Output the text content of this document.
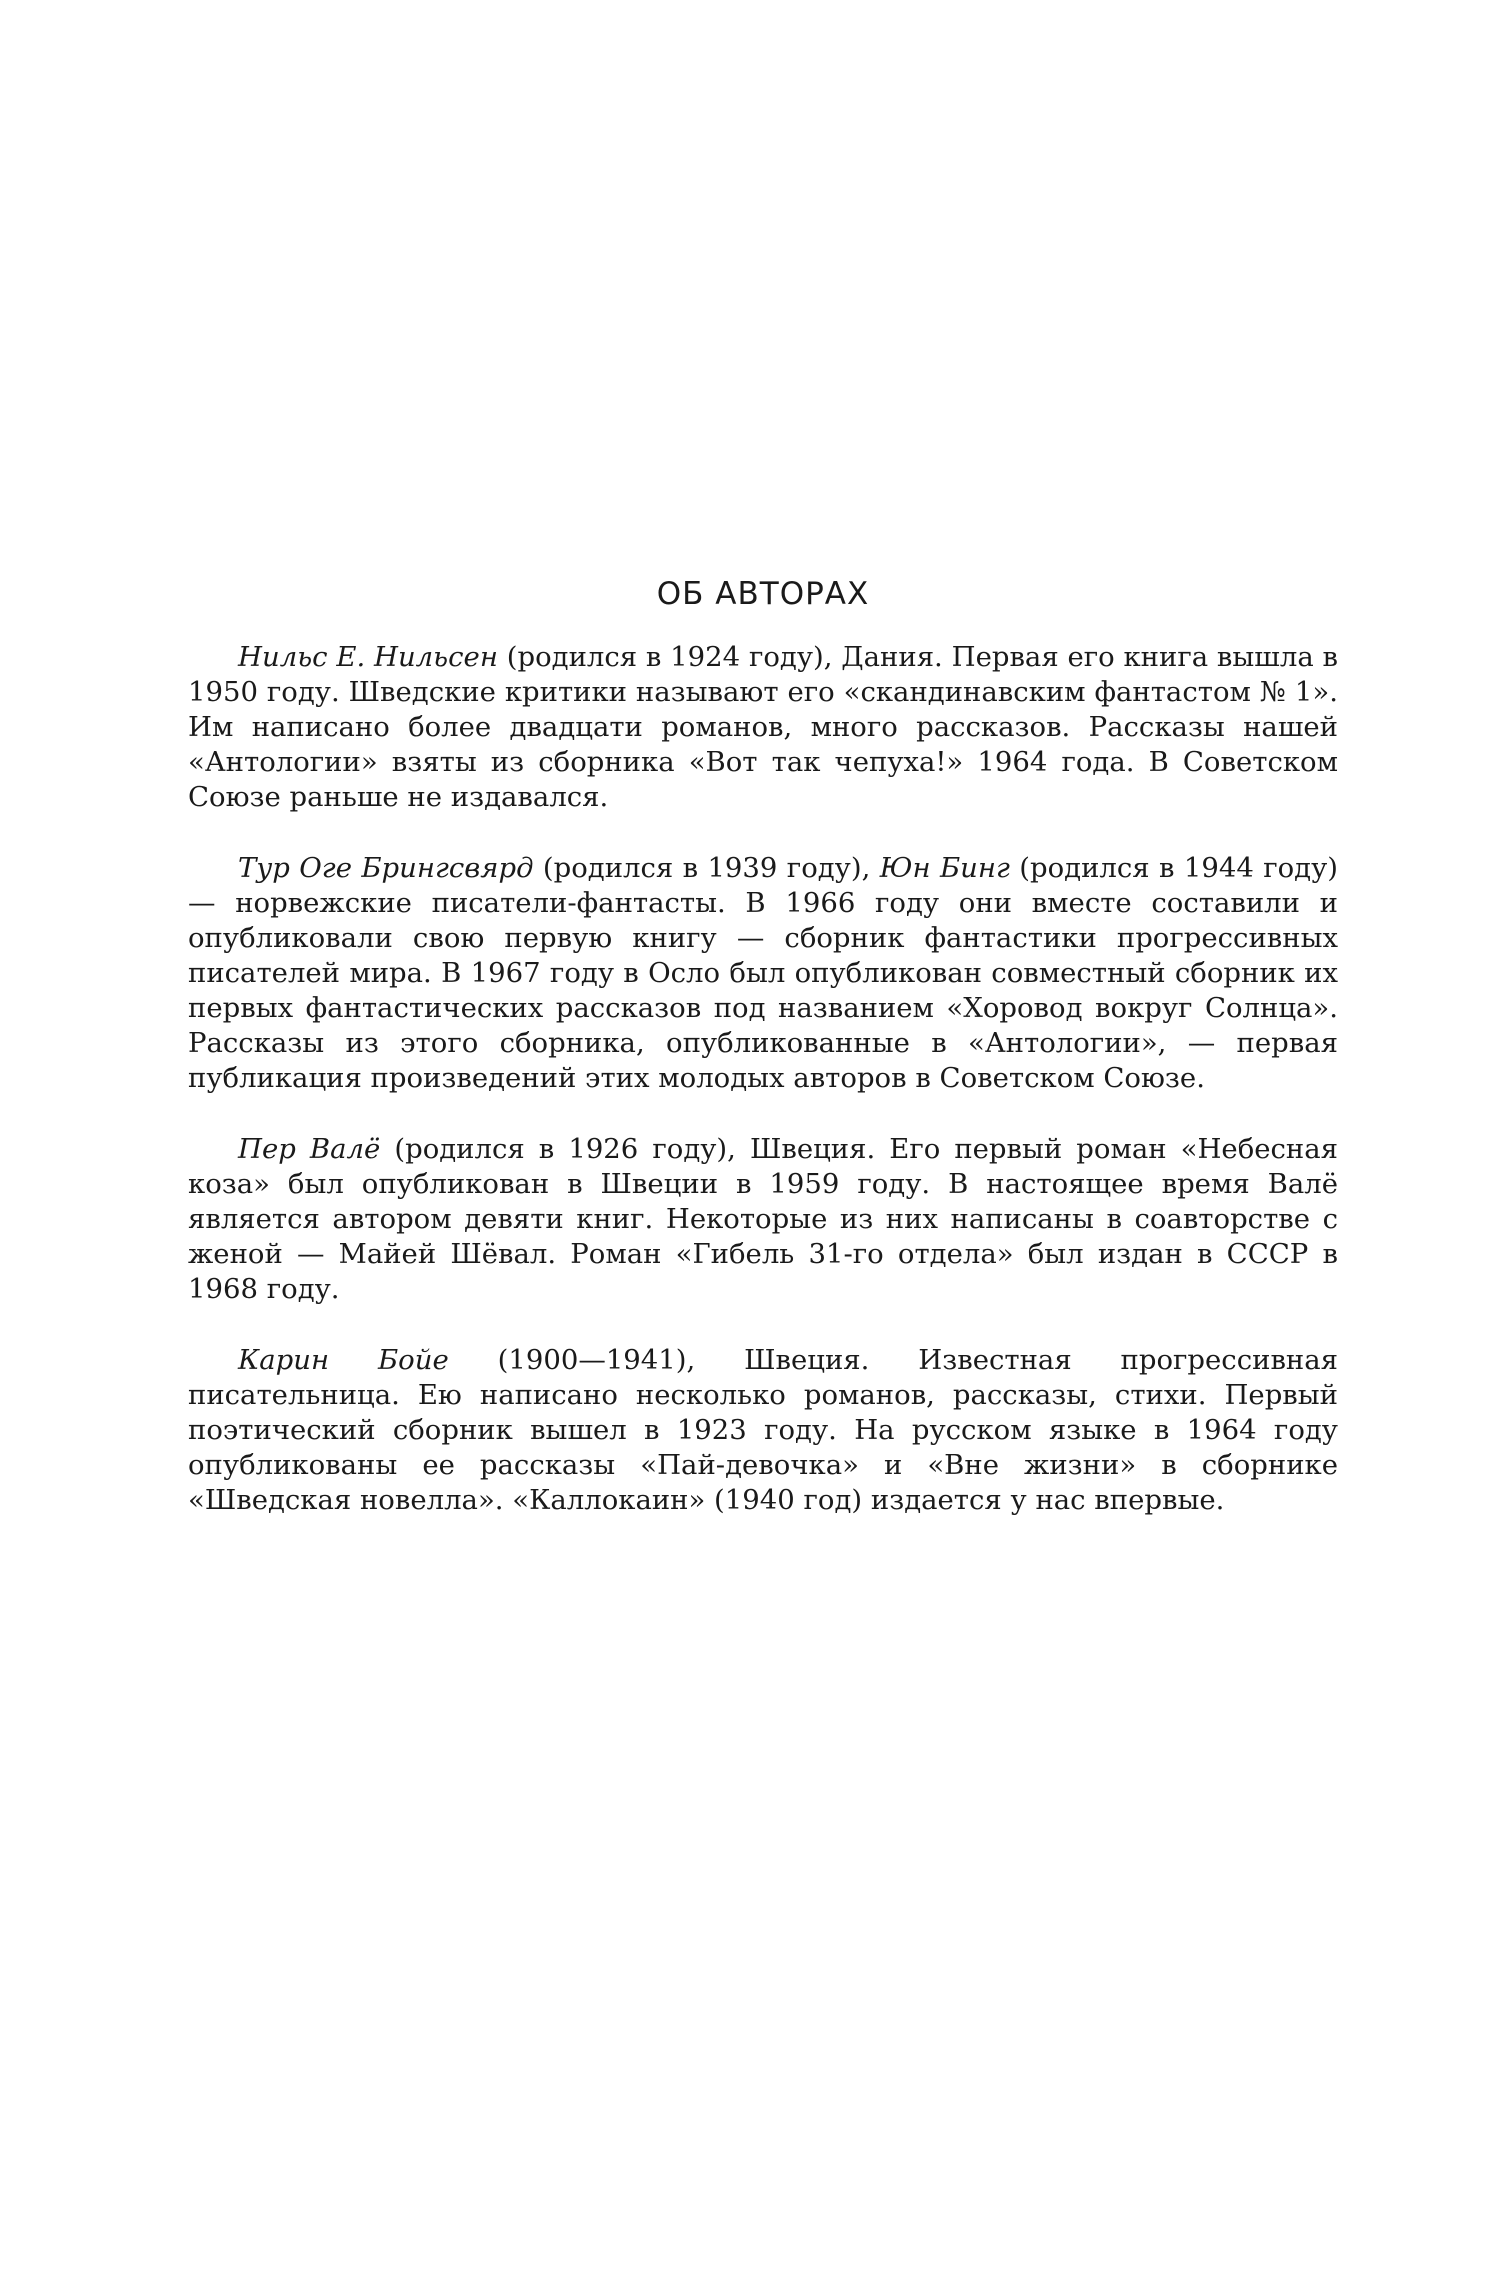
ОБ АВТОРАХ

Нильс Е. Нильсен (родился в 1924 году), Дания. Первая его книга вышла в 1950 году. Шведские критики называют его «скандинавским фантастом № 1». Им написано более двадцати романов, много рассказов. Рассказы нашей «Антологии» взяты из сборника «Вот так чепуха!» 1964 года. В Советском Союзе раньше не издавался.

Тур Оге Брингсвярд (родился в 1939 году), Юн Бинг (родился в 1944 году) — норвежские писатели-фантасты. В 1966 году они вместе составили и опубликовали свою первую книгу — сборник фантастики прогрессивных писателей мира. В 1967 году в Осло был опубликован совместный сборник их первых фантастических рассказов под названием «Хоровод вокруг Солнца». Рассказы из этого сборника, опубликованные в «Антологии», — первая публикация произведений этих молодых авторов в Советском Союзе.

Пер Валё (родился в 1926 году), Швеция. Его первый роман «Небесная коза» был опубликован в Швеции в 1959 году. В настоящее время Валё является автором девяти книг. Некоторые из них написаны в соавторстве с женой — Майей Шёвал. Роман «Гибель 31-го отдела» был издан в СССР в 1968 году.

Карин Бойе (1900—1941), Швеция. Известная прогрессивная писательница. Ею написано несколько романов, рассказы, стихи. Первый поэтический сборник вышел в 1923 году. На русском языке в 1964 году опубликованы ее рассказы «Пай-девочка» и «Вне жизни» в сборнике «Шведская новелла». «Каллокаин» (1940 год) издается у нас впервые.
